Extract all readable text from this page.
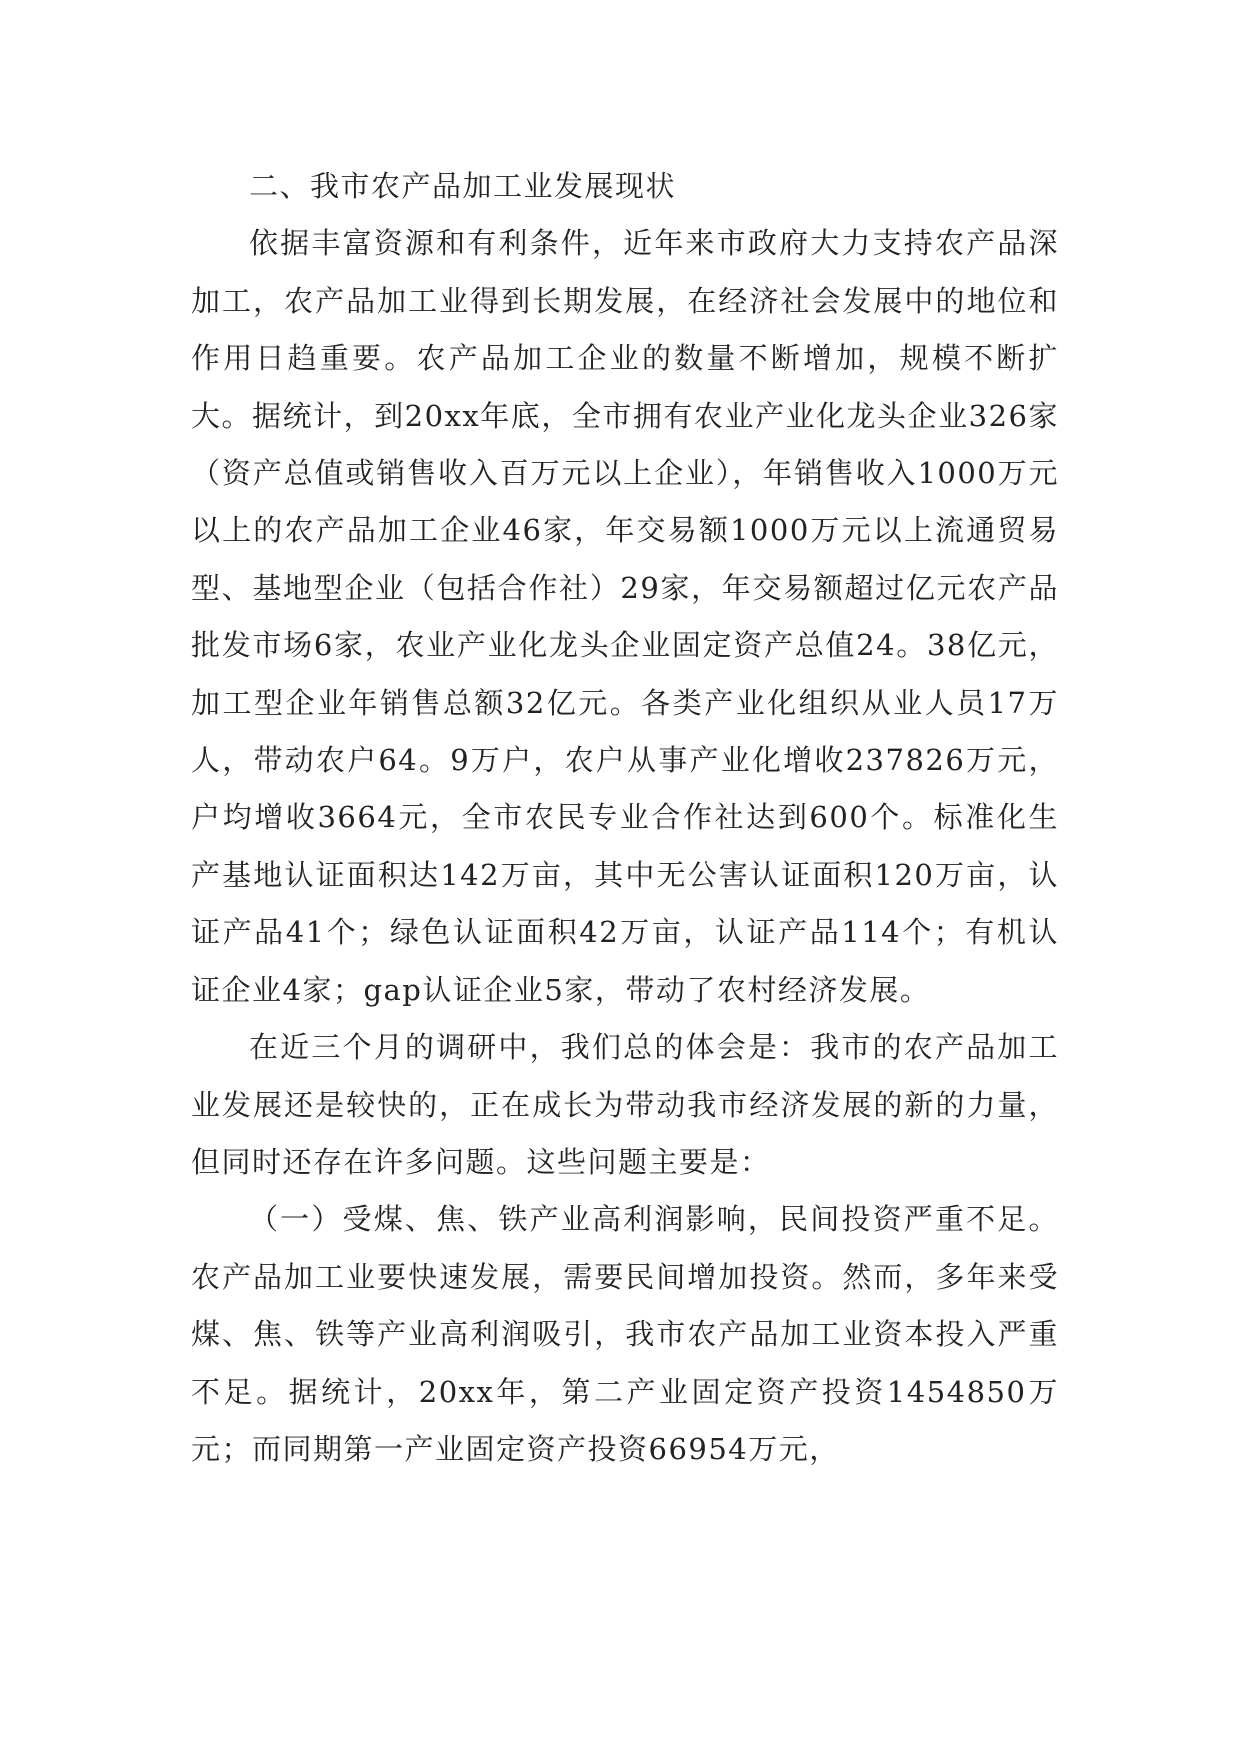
二、我市农产品加工业发展现状

依据丰富资源和有利条件，近年来市政府大力支持农产品深加工，农产品加工业得到长期发展，在经济社会发展中的地位和作用日趋重要。农产品加工企业的数量不断增加，规模不断扩大。据统计，到20xx年底，全市拥有农业产业化龙头企业326家（资产总值或销售收入百万元以上企业），年销售收入1000万元以上的农产品加工企业46家，年交易额1000万元以上流通贸易型、基地型企业（包括合作社）29家，年交易额超过亿元农产品批发市场6家，农业产业化龙头企业固定资产总值24。38亿元，加工型企业年销售总额32亿元。各类产业化组织从业人员17万人，带动农户64。9万户，农户从事产业化增收237826万元，户均增收3664元，全市农民专业合作社达到600个。标准化生产基地认证面积达142万亩，其中无公害认证面积120万亩，认证产品41个；绿色认证面积42万亩，认证产品114个；有机认证企业4家；gap认证企业5家，带动了农村经济发展。

在近三个月的调研中，我们总的体会是：我市的农产品加工业发展还是较快的，正在成长为带动我市经济发展的新的力量，但同时还存在许多问题。这些问题主要是：

（一）受煤、焦、铁产业高利润影响，民间投资严重不足。农产品加工业要快速发展，需要民间增加投资。然而，多年来受煤、焦、铁等产业高利润吸引，我市农产品加工业资本投入严重不足。据统计，20xx年，第二产业固定资产投资1454850万元；而同期第一产业固定资产投资66954万元，
